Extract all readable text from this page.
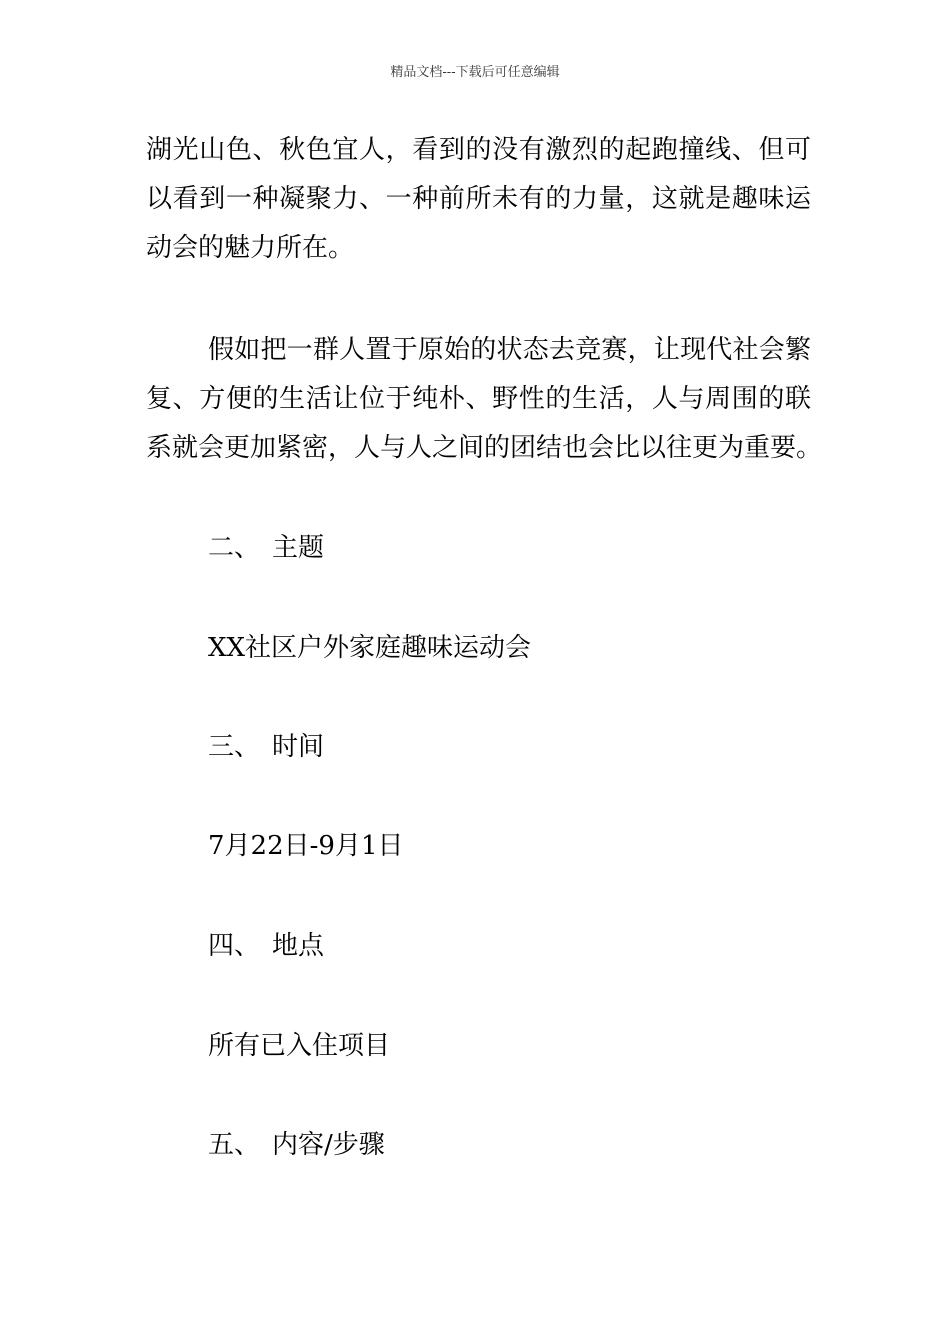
精品文档---下载后可任意编辑
湖光山色、秋色宜人，看到的没有激烈的起跑撞线、但可
以看到一种凝聚力、一种前所未有的力量，这就是趣味运
动会的魅力所在。
假如把一群人置于原始的状态去竞赛，让现代社会繁
复、方便的生活让位于纯朴、野性的生活，人与周围的联
系就会更加紧密，人与人之间的团结也会比以往更为重要。
二、 主题
XX社区户外家庭趣味运动会
三、 时间
7月22日-9月1日
四、 地点
所有已入住项目
五、 内容/步骤
